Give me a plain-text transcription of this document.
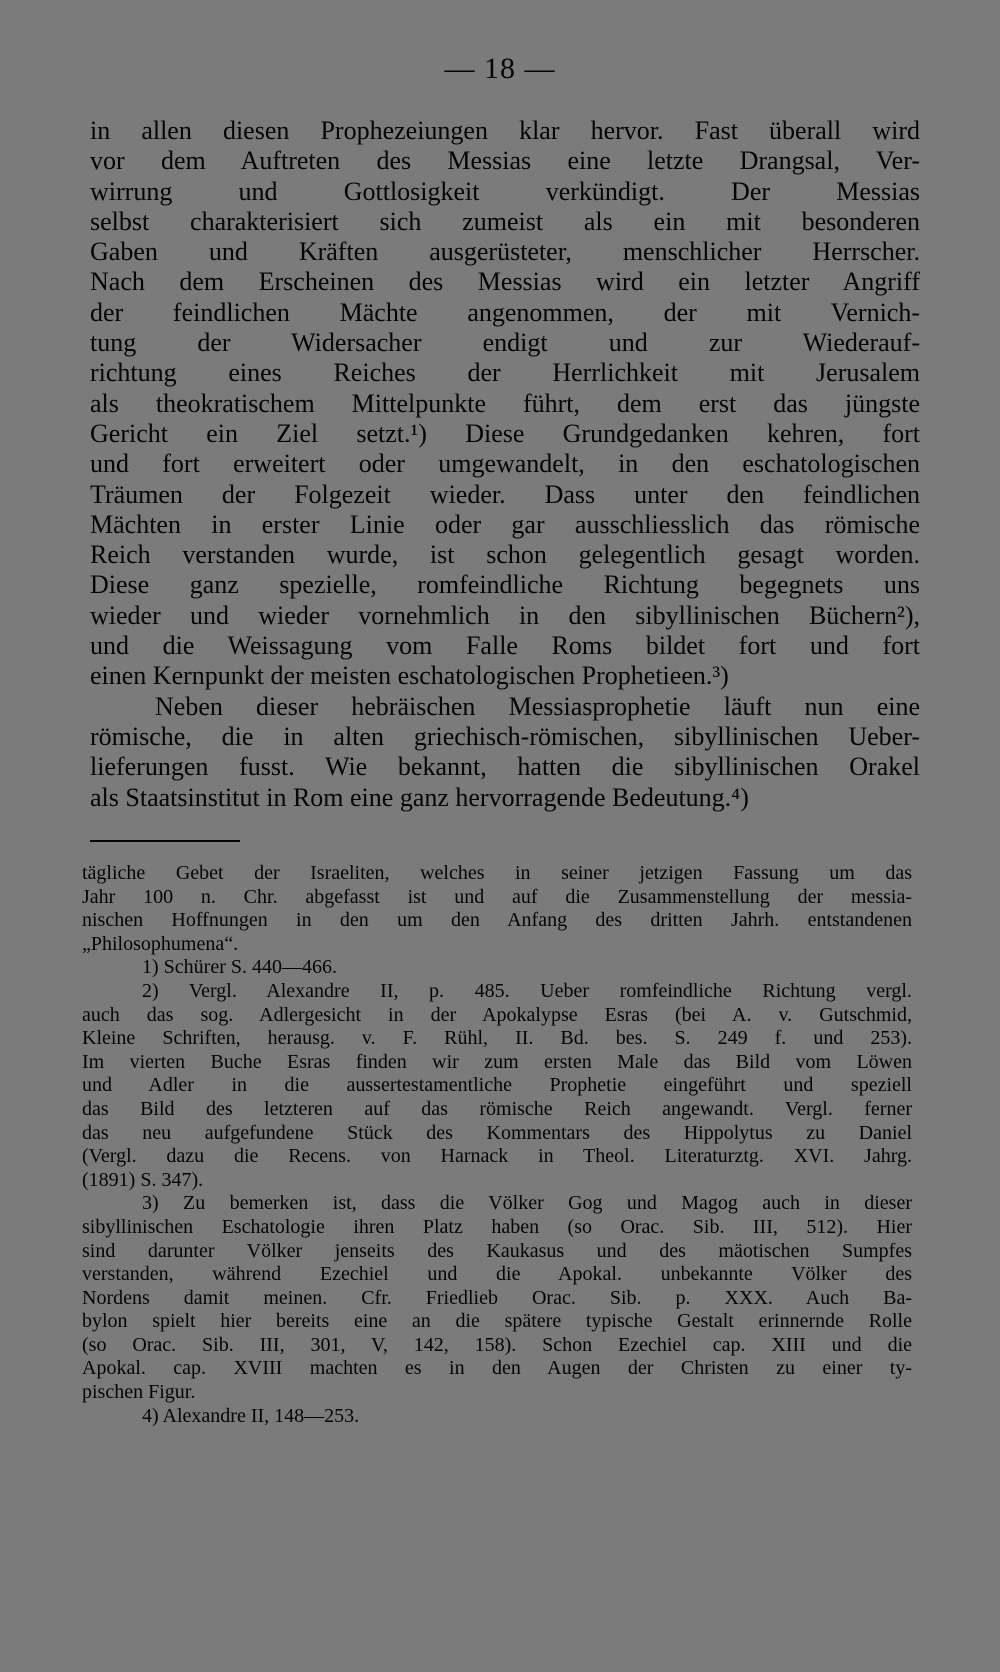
— 18 —
in allen diesen Prophezeiungen klar hervor. Fast überall wird
vor dem Auftreten des Messias eine letzte Drangsal, Ver-
wirrung und Gottlosigkeit verkündigt. Der Messias
selbst charakterisiert sich zumeist als ein mit besonderen
Gaben und Kräften ausgerüsteter, menschlicher Herrscher.
Nach dem Erscheinen des Messias wird ein letzter Angriff
der feindlichen Mächte angenommen, der mit Vernich-
tung der Widersacher endigt und zur Wiederauf-
richtung eines Reiches der Herrlichkeit mit Jerusalem
als theokratischem Mittelpunkte führt, dem erst das jüngste
Gericht ein Ziel setzt.¹) Diese Grundgedanken kehren, fort
und fort erweitert oder umgewandelt, in den eschatologischen
Träumen der Folgezeit wieder. Dass unter den feindlichen
Mächten in erster Linie oder gar ausschliesslich das römische
Reich verstanden wurde, ist schon gelegentlich gesagt worden.
Diese ganz spezielle, romfeindliche Richtung begegnets uns
wieder und wieder vornehmlich in den sibyllinischen Büchern²),
und die Weissagung vom Falle Roms bildet fort und fort
einen Kernpunkt der meisten eschatologischen Prophetieen.³)
Neben dieser hebräischen Messiasprophetie läuft nun eine
römische, die in alten griechisch-römischen, sibyllinischen Ueber-
lieferungen fusst. Wie bekannt, hatten die sibyllinischen Orakel
als Staatsinstitut in Rom eine ganz hervorragende Bedeutung.⁴)
tägliche Gebet der Israeliten, welches in seiner jetzigen Fassung um das
Jahr 100 n. Chr. abgefasst ist und auf die Zusammenstellung der messia-
nischen Hoffnungen in den um den Anfang des dritten Jahrh. entstandenen
„Philosophumena“.
1) Schürer S. 440—466.
2) Vergl. Alexandre II, p. 485. Ueber romfeindliche Richtung vergl.
auch das sog. Adlergesicht in der Apokalypse Esras (bei A. v. Gutschmid,
Kleine Schriften, herausg. v. F. Rühl, II. Bd. bes. S. 249 f. und 253).
Im vierten Buche Esras finden wir zum ersten Male das Bild vom Löwen
und Adler in die aussertestamentliche Prophetie eingeführt und speziell
das Bild des letzteren auf das römische Reich angewandt. Vergl. ferner
das neu aufgefundene Stück des Kommentars des Hippolytus zu Daniel
(Vergl. dazu die Recens. von Harnack in Theol. Literaturztg. XVI. Jahrg.
(1891) S. 347).
3) Zu bemerken ist, dass die Völker Gog und Magog auch in dieser
sibyllinischen Eschatologie ihren Platz haben (so Orac. Sib. III, 512). Hier
sind darunter Völker jenseits des Kaukasus und des mäotischen Sumpfes
verstanden, während Ezechiel und die Apokal. unbekannte Völker des
Nordens damit meinen. Cfr. Friedlieb Orac. Sib. p. XXX. Auch Ba-
bylon spielt hier bereits eine an die spätere typische Gestalt erinnernde Rolle
(so Orac. Sib. III, 301, V, 142, 158). Schon Ezechiel cap. XIII und die
Apokal. cap. XVIII machten es in den Augen der Christen zu einer ty-
pischen Figur.
4) Alexandre II, 148—253.
